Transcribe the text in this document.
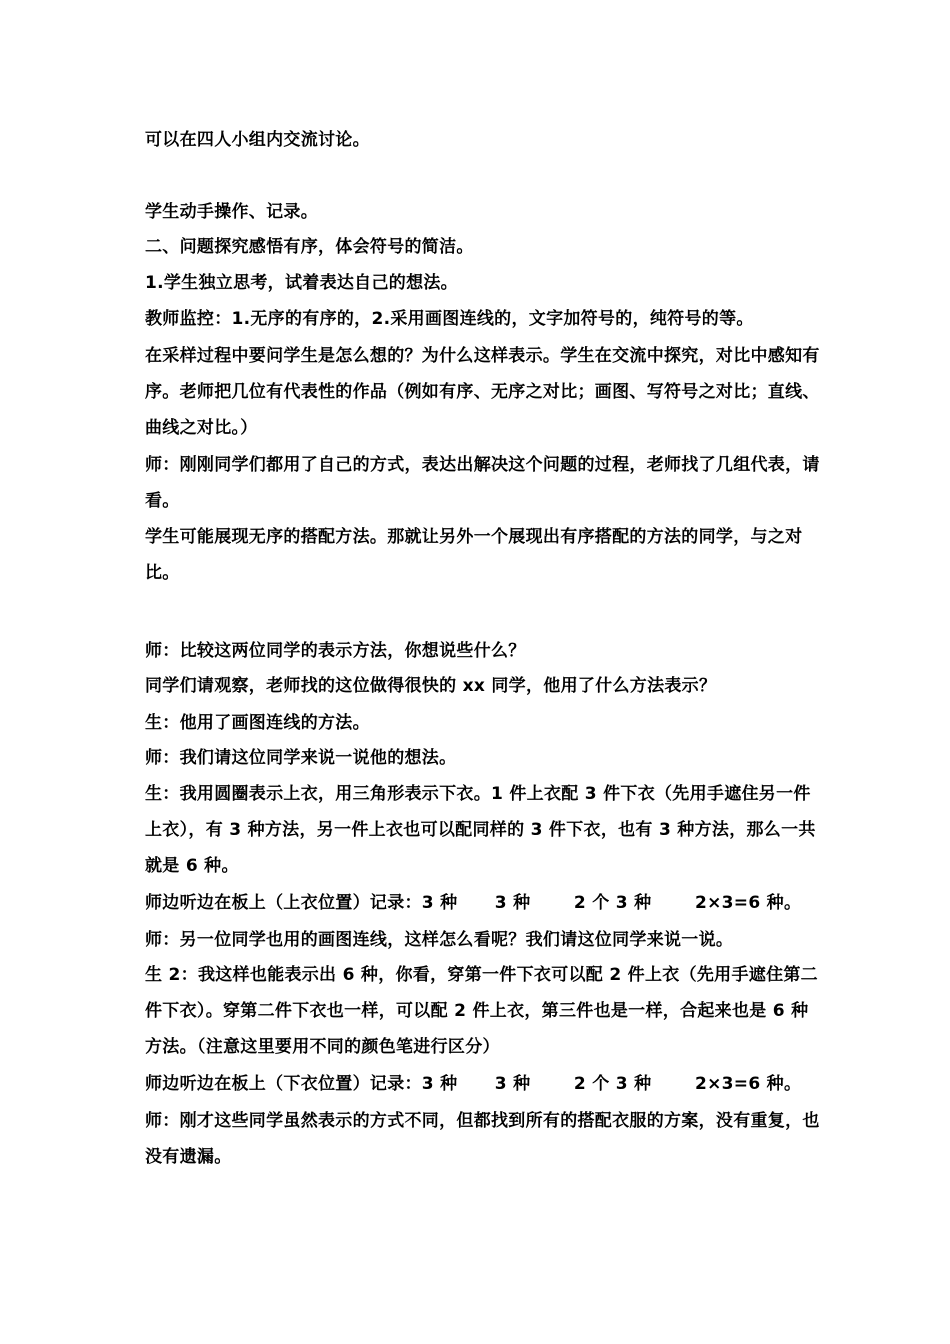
可以在四人小组内交流讨论。
学生动手操作、记录。
二、问题探究感悟有序，体会符号的简洁。
1.学生独立思考，试着表达自己的想法。
教师监控：1.无序的有序的，2.采用画图连线的，文字加符号的，纯符号的等。
在采样过程中要问学生是怎么想的？为什么这样表示。学生在交流中探究，对比中感知有序。老师把几位有代表性的作品（例如有序、无序之对比；画图、写符号之对比；直线、曲线之对比。）
师：刚刚同学们都用了自己的方式，表达出解决这个问题的过程，老师找了几组代表，请看。
学生可能展现无序的搭配方法。那就让另外一个展现出有序搭配的方法的同学，与之对比。
师：比较这两位同学的表示方法，你想说些什么？
同学们请观察，老师找的这位做得很快的 xx 同学，他用了什么方法表示？
生：他用了画图连线的方法。
师：我们请这位同学来说一说他的想法。
生：我用圆圈表示上衣，用三角形表示下衣。1 件上衣配 3 件下衣（先用手遮住另一件上衣），有 3 种方法，另一件上衣也可以配同样的 3 件下衣，也有 3 种方法，那么一共就是 6 种。
师边听边在板上（上衣位置）记录：3 种      3 种       2 个 3 种       2×3=6 种。
师：另一位同学也用的画图连线，这样怎么看呢？我们请这位同学来说一说。
生 2：我这样也能表示出 6 种，你看，穿第一件下衣可以配 2 件上衣（先用手遮住第二件下衣）。穿第二件下衣也一样，可以配 2 件上衣，第三件也是一样，合起来也是 6 种方法。（注意这里要用不同的颜色笔进行区分）
师边听边在板上（下衣位置）记录：3 种      3 种       2 个 3 种       2×3=6 种。
师：刚才这些同学虽然表示的方式不同，但都找到所有的搭配衣服的方案，没有重复，也没有遗漏。
